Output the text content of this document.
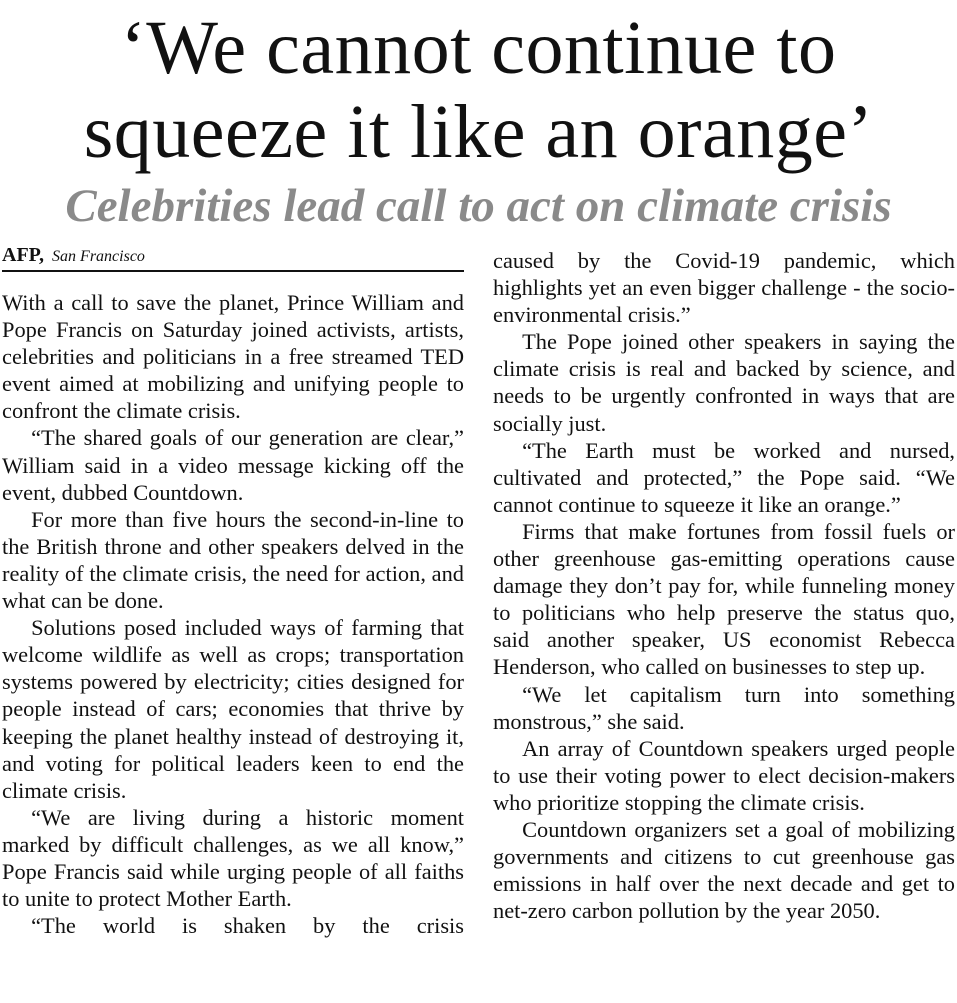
‘We cannot continue to
squeeze it like an orange’
Celebrities lead call to act on climate crisis
AFP, San Francisco

With a call to save the planet, Prince William and Pope Francis on Saturday joined activists, artists, celebrities and politicians in a free streamed TED event aimed at mobilizing and unifying people to confront the climate crisis.

“The shared goals of our generation are clear,” William said in a video message kicking off the event, dubbed Countdown.

For more than five hours the second-in-line to the British throne and other speakers delved in the reality of the climate crisis, the need for action, and what can be done.

Solutions posed included ways of farming that welcome wildlife as well as crops; transportation systems powered by electricity; cities designed for people instead of cars; economies that thrive by keeping the planet healthy instead of destroying it, and voting for political leaders keen to end the climate crisis.

“We are living during a historic moment marked by difficult challenges, as we all know,” Pope Francis said while urging people of all faiths to unite to protect Mother Earth.

“The world is shaken by the crisis

caused by the Covid-19 pandemic, which highlights yet an even bigger challenge - the socio-environmental crisis.”

The Pope joined other speakers in saying the climate crisis is real and backed by science, and needs to be urgently confronted in ways that are socially just.

“The Earth must be worked and nursed, cultivated and protected,” the Pope said. “We cannot continue to squeeze it like an orange.”

Firms that make fortunes from fossil fuels or other greenhouse gas-emitting operations cause damage they don’t pay for, while funneling money to politicians who help preserve the status quo, said another speaker, US economist Rebecca Henderson, who called on businesses to step up.

“We let capitalism turn into something monstrous,” she said.

An array of Countdown speakers urged people to use their voting power to elect decision-makers who prioritize stopping the climate crisis.

Countdown organizers set a goal of mobilizing governments and citizens to cut greenhouse gas emissions in half over the next decade and get to net-zero carbon pollution by the year 2050.
